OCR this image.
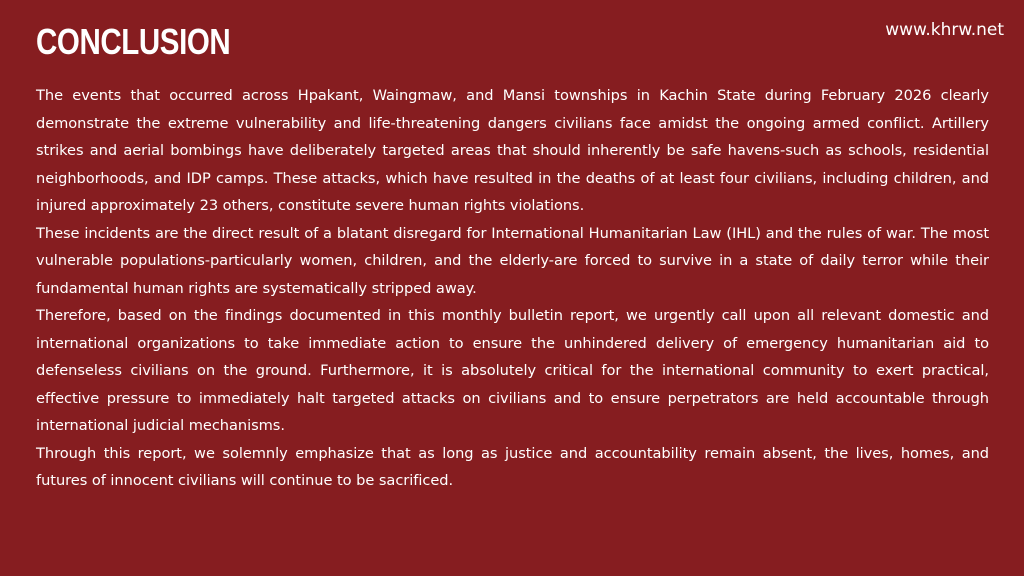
CONCLUSION	www.khrw.net

The events that occurred across Hpakant, Waingmaw, and Mansi townships in Kachin State during February 2026 clearly demonstrate the extreme vulnerability and life-threatening dangers civilians face amidst the ongoing armed conflict. Artillery strikes and aerial bombings have deliberately targeted areas that should inherently be safe havens-such as schools, residential neighborhoods, and IDP camps. These attacks, which have resulted in the deaths of at least four civilians, including children, and injured approximately 23 others, constitute severe human rights violations.

These incidents are the direct result of a blatant disregard for International Humanitarian Law (IHL) and the rules of war. The most vulnerable populations-particularly women, children, and the elderly-are forced to survive in a state of daily terror while their fundamental human rights are systematically stripped away.

Therefore, based on the findings documented in this monthly bulletin report, we urgently call upon all relevant domestic and international organizations to take immediate action to ensure the unhindered delivery of emergency humanitarian aid to defenseless civilians on the ground. Furthermore, it is absolutely critical for the international community to exert practical, effective pressure to immediately halt targeted attacks on civilians and to ensure perpetrators are held accountable through international judicial mechanisms.

Through this report, we solemnly emphasize that as long as justice and accountability remain absent, the lives, homes, and futures of innocent civilians will continue to be sacrificed.
